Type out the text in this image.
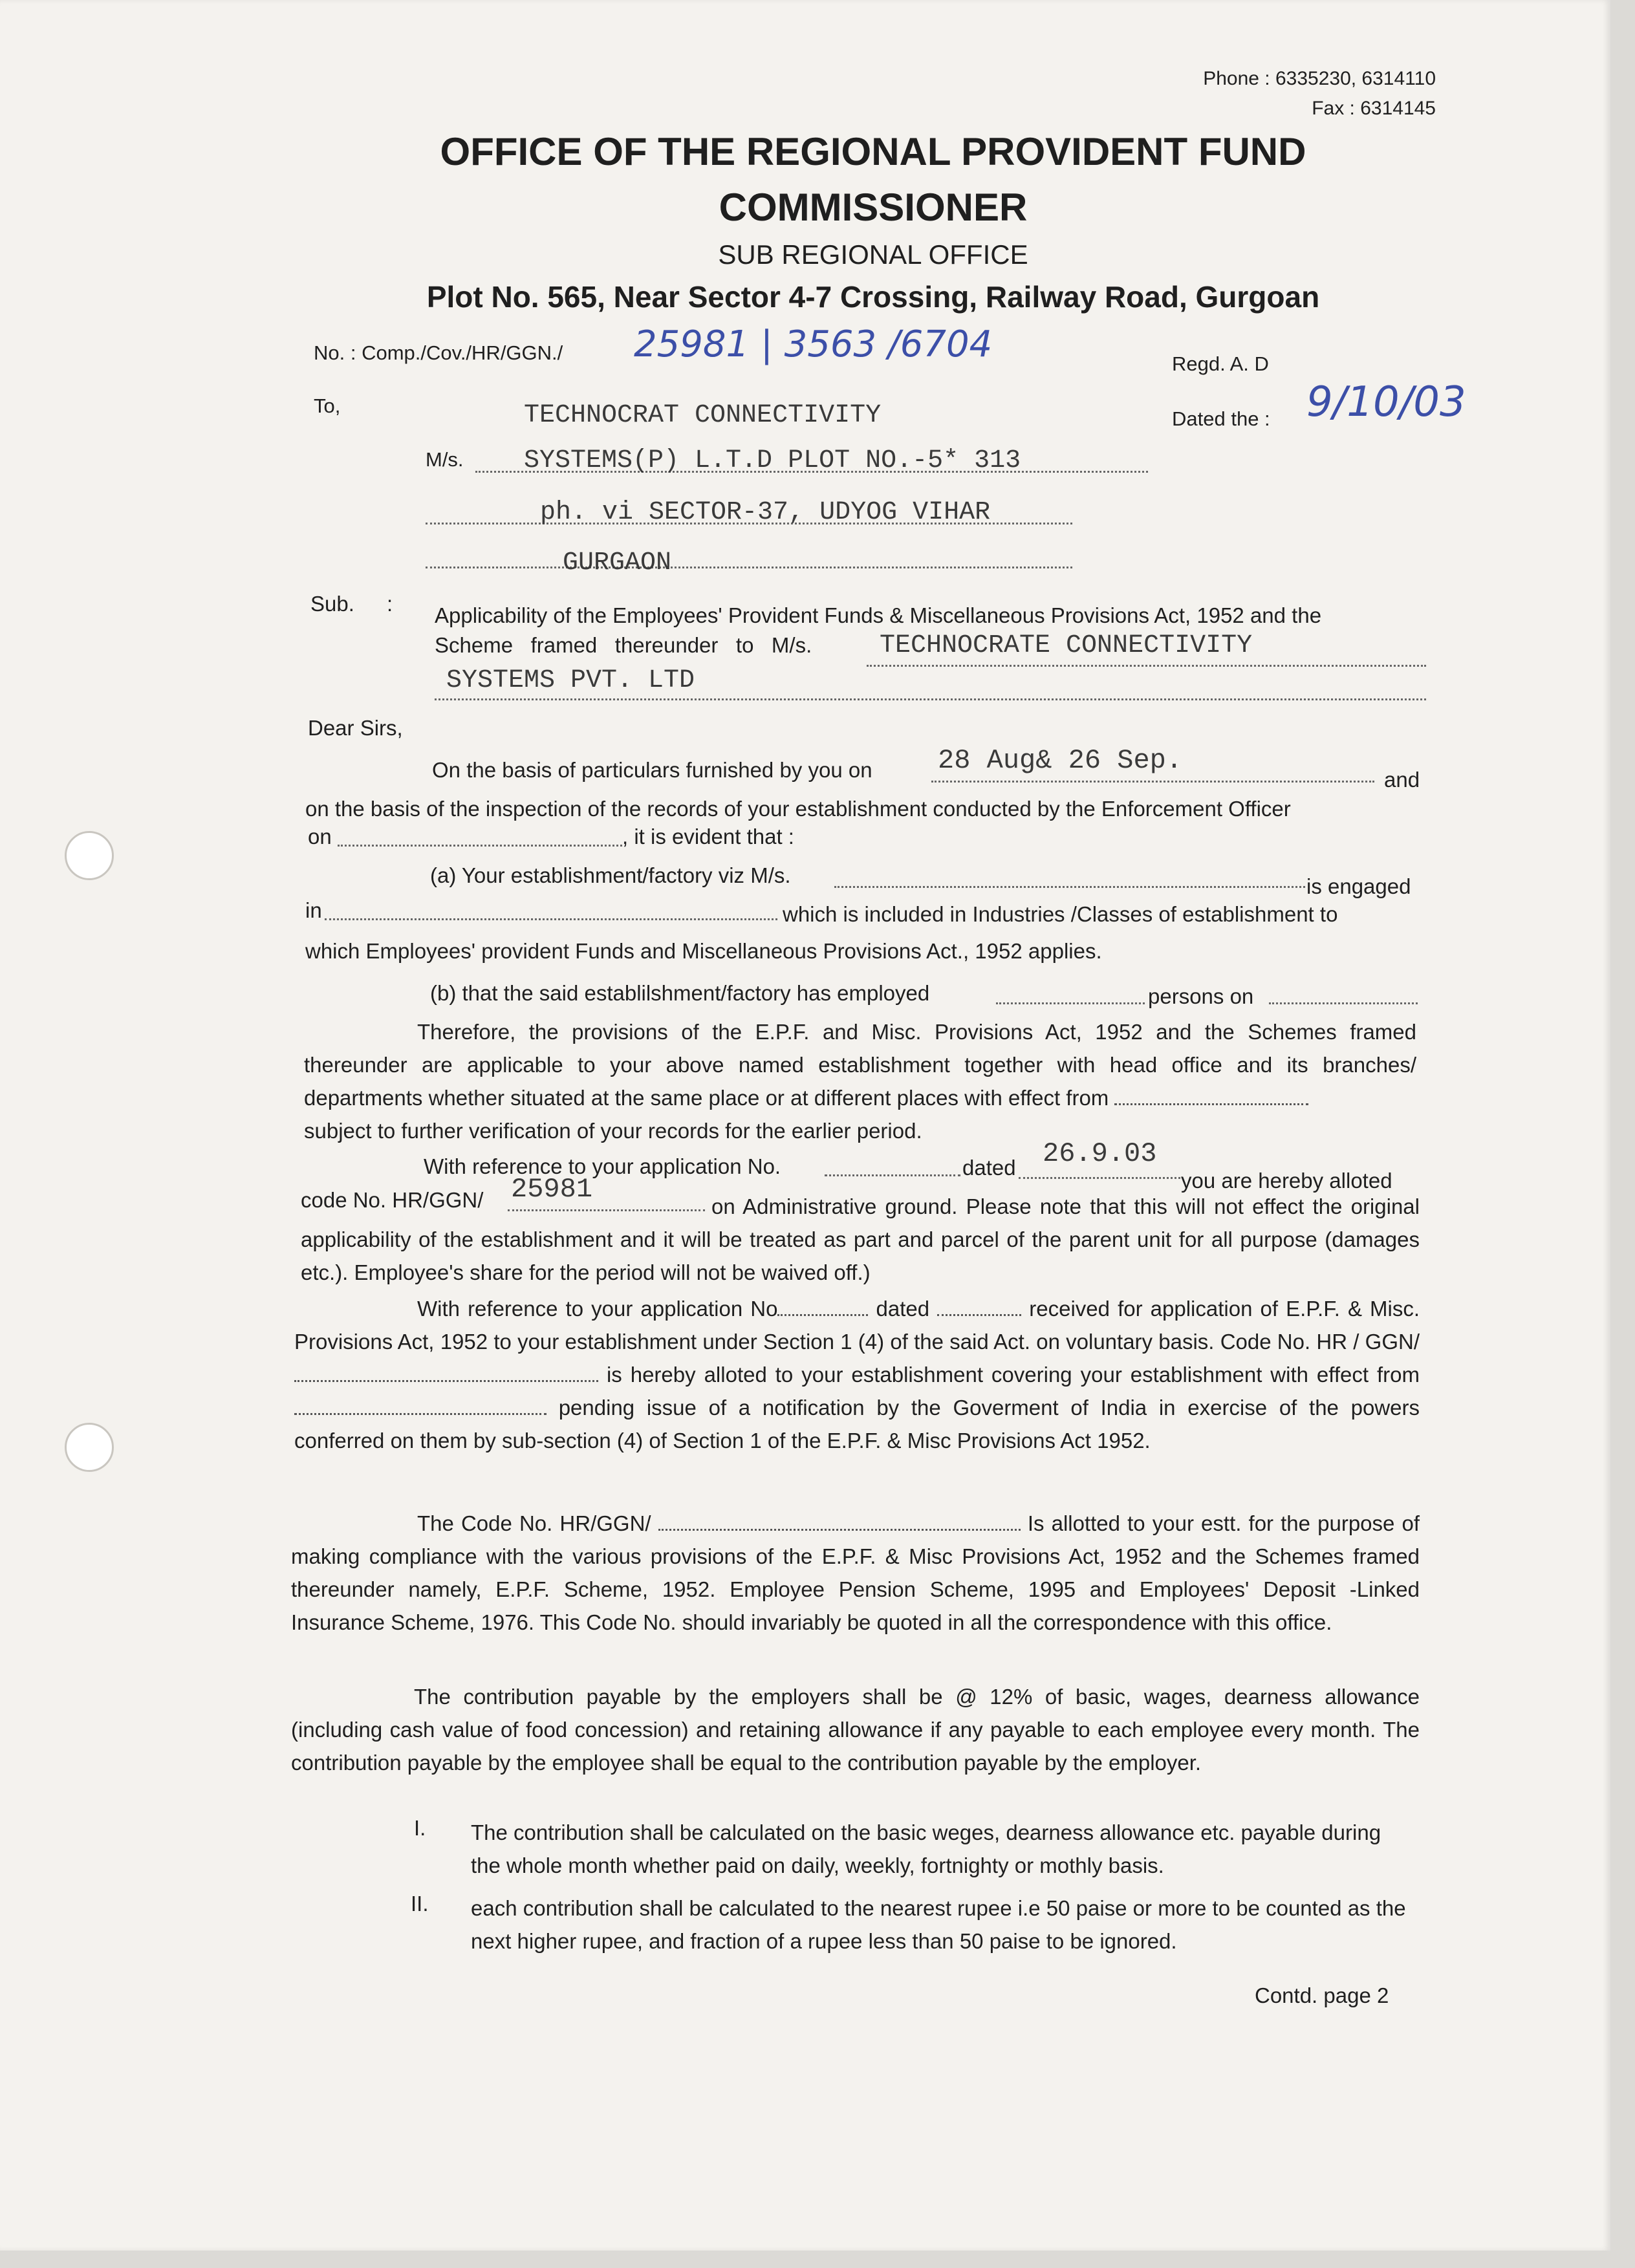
Phone : 6335230, 6314110
Fax : 6314145
OFFICE OF THE REGIONAL PROVIDENT FUND
COMMISSIONER
SUB REGIONAL OFFICE
Plot No. 565, Near Sector 4-7 Crossing, Railway Road, Gurgoan
No. : Comp./Cov./HR/GGN./ 25981 | 3563 /6704	Regd. A. D
To,
Dated the : 9/10/03
TECHNOCRAT CONNECTIVITY
M/s. SYSTEMS(P) L.T.D PLOT NO.-5* 313
ph. vi SECTOR-37, UDYOG VIHAR
GURGAON
Sub. : Applicability of the Employees' Provident Funds & Miscellaneous Provisions Act, 1952 and the
Scheme   framed   thereunder   to   M/s.	TECHNOCRATE CONNECTIVITY
SYSTEMS PVT. LTD
Dear Sirs,
On the basis of particulars furnished by you on 28 Aug& 26 Sep.
and
on the basis of the inspection of the records of your establishment conducted by the Enforcement Officer
on	, it is evident that :
(a) Your establishment/factory viz M/s.	is engaged
in	which is included in Industries /Classes of establishment to
which Employees' provident Funds and Miscellaneous Provisions Act., 1952 applies.
(b) that the said establilshment/factory has employed	persons on
Therefore, the provisions of the E.P.F. and Misc. Provisions Act, 1952 and the Schemes framed thereunder are applicable to your above named establishment together with head office and its branches/ departments whether situated at the same place or at different places with effect from
subject to further verification of your records for the earlier period.
With reference to your application No.	dated 26.9.03
you are hereby alloted
code No. HR/GGN/ 25981
on Administrative ground. Please note that this will not effect the original applicability of the establishment and it will be treated as part and parcel of the parent unit for all purpose (damages etc.). Employee's share for the period will not be waived off.)
With reference to your application No	dated	received for application of E.P.F. & Misc. Provisions Act, 1952 to your establishment under Section 1 (4) of the said Act. on voluntary basis. Code No. HR / GGN/ is hereby alloted to your establishment covering your establishment with effect from  pending issue of a notification by the Goverment of India in exercise of the powers conferred on them by sub-section (4) of Section 1 of the E.P.F. & Misc Provisions Act 1952.
The Code No. HR/GGN/	Is allotted to your estt. for the purpose of making compliance with the various provisions of the E.P.F. & Misc Provisions Act, 1952 and the Schemes framed thereunder namely, E.P.F. Scheme, 1952. Employee Pension Scheme, 1995 and Employees' Deposit -Linked Insurance Scheme, 1976. This Code No. should invariably be quoted in all the correspondence with this office.
The contribution payable by the employers shall be @ 12% of basic, wages, dearness allowance (including cash value of food concession) and retaining allowance if any payable to each employee every month. The contribution payable by the employee shall be equal to the contribution payable by the employer.
I. The contribution shall be calculated on the basic weges, dearness allowance etc. payable during the whole month whether paid on daily, weekly, fortnighty or mothly basis.
II. each contribution shall be calculated to the nearest rupee i.e 50 paise or more to be counted as the next higher rupee, and fraction of a rupee less than 50 paise to be ignored.
Contd. page 2
